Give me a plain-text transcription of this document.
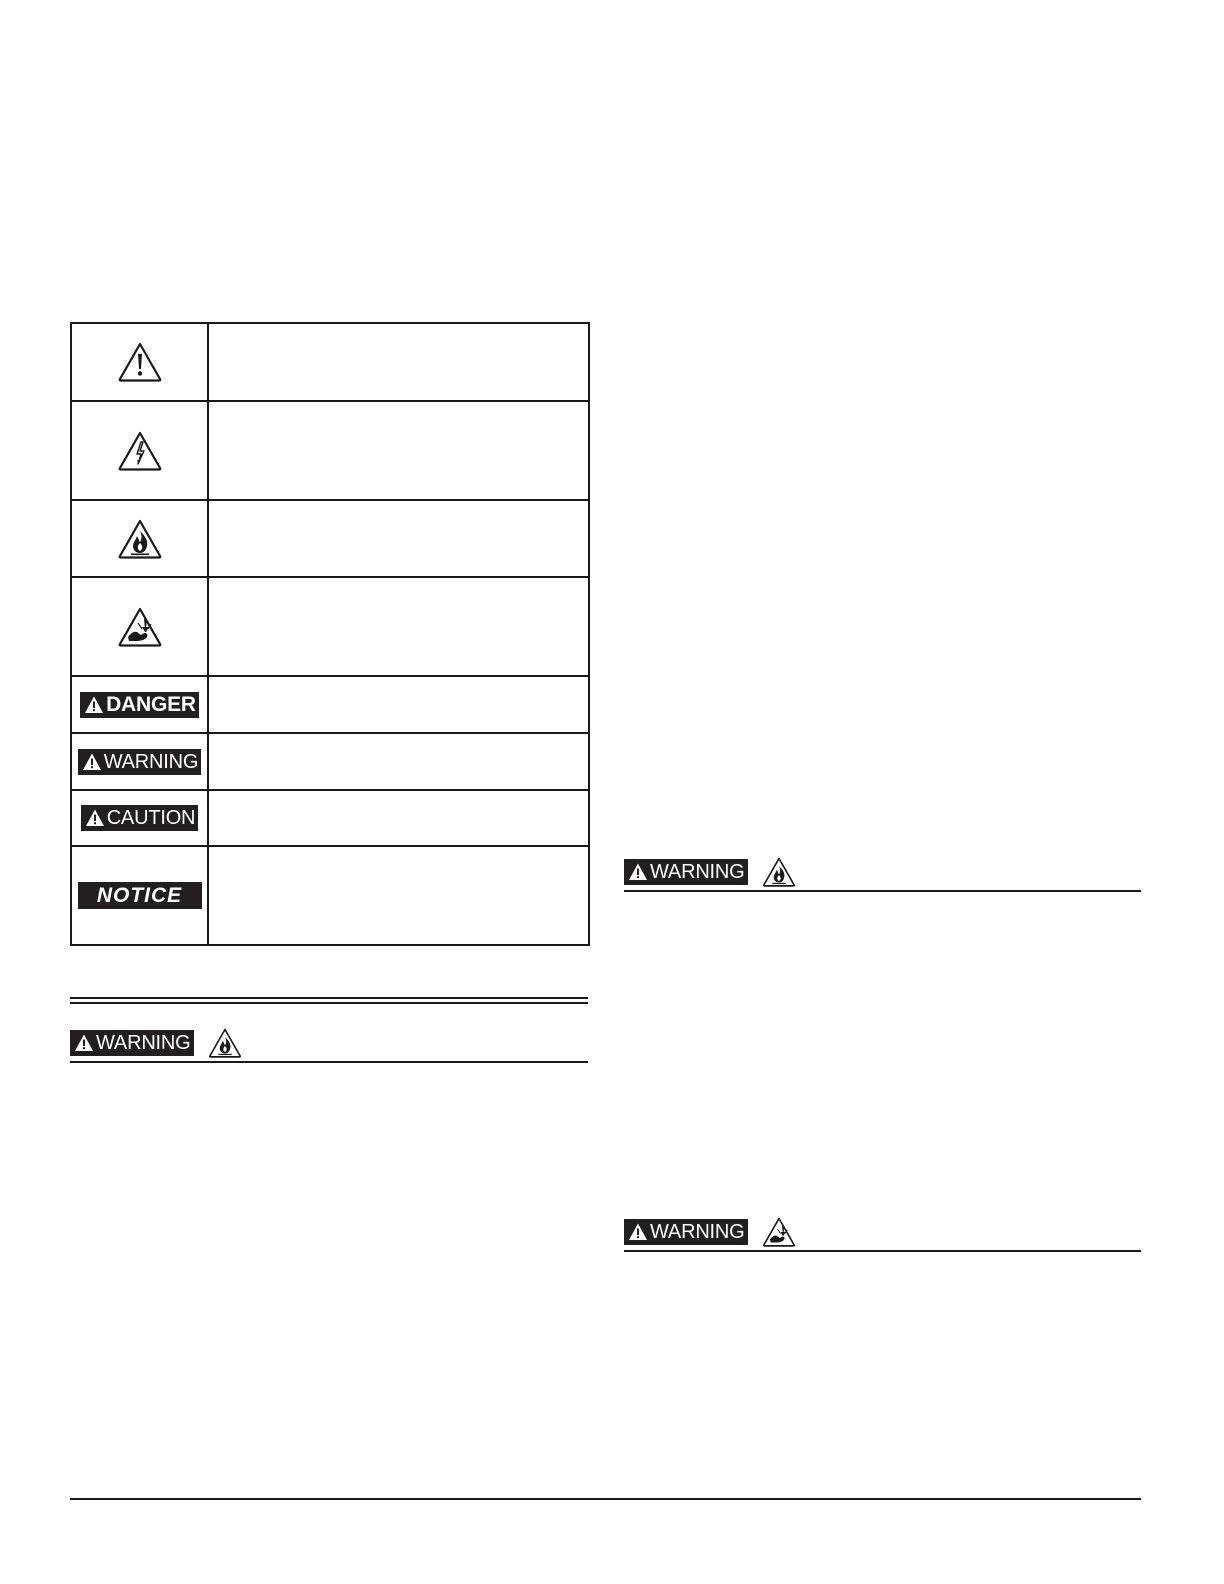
DANGER
WARNING
CAUTION
NOTICE
WARNING
WARNING
WARNING
